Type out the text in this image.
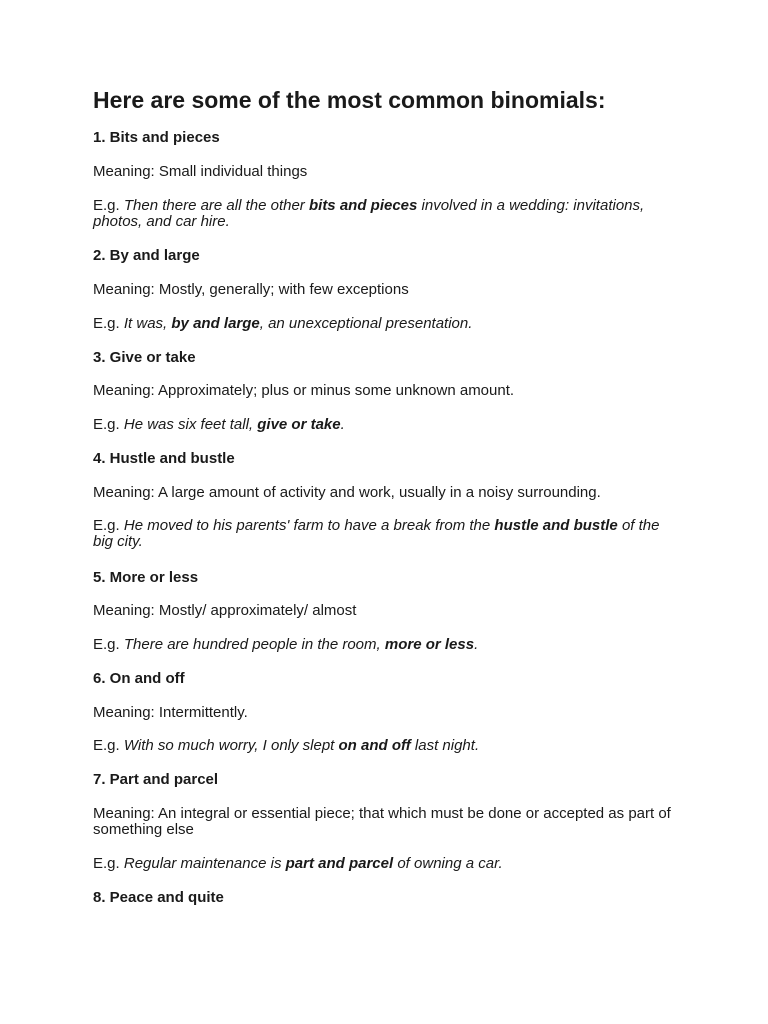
Here are some of the most common binomials:

1. Bits and pieces

Meaning: Small individual things

E.g. Then there are all the other bits and pieces involved in a wedding: invitations, photos, and car hire.

2. By and large

Meaning: Mostly, generally; with few exceptions

E.g. It was, by and large, an unexceptional presentation.

3. Give or take

Meaning: Approximately; plus or minus some unknown amount.

E.g. He was six feet tall, give or take.

4. Hustle and bustle

Meaning: A large amount of activity and work, usually in a noisy surrounding.

E.g. He moved to his parents' farm to have a break from the hustle and bustle of the big city.

5. More or less

Meaning: Mostly/ approximately/ almost

E.g. There are hundred people in the room, more or less.

6. On and off

Meaning: Intermittently.

E.g. With so much worry, I only slept on and off last night.

7. Part and parcel

Meaning: An integral or essential piece; that which must be done or accepted as part of something else

E.g. Regular maintenance is part and parcel of owning a car.

8. Peace and quite
